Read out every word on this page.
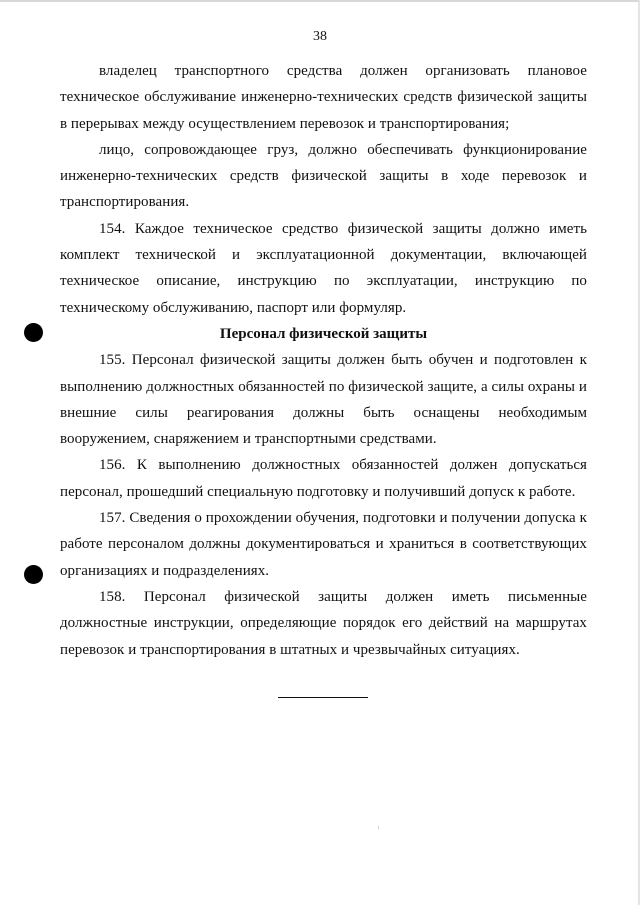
38

владелец транспортного средства должен организовать плановое техническое обслуживание инженерно-технических средств физической защиты в перерывах между осуществлением перевозок и транспортирования;

лицо, сопровождающее груз, должно обеспечивать функционирование инженерно-технических средств физической защиты в ходе перевозок и транспортирования.

154. Каждое техническое средство физической защиты должно иметь комплект технической и эксплуатационной документации, включающей техническое описание, инструкцию по эксплуатации, инструкцию по техническому обслуживанию, паспорт или формуляр.

Персонал физической защиты

155. Персонал физической защиты должен быть обучен и подготовлен к выполнению должностных обязанностей по физической защите, а силы охраны и внешние силы реагирования должны быть оснащены необходимым вооружением, снаряжением и транспортными средствами.

156. К выполнению должностных обязанностей должен допускаться персонал, прошедший специальную подготовку и получивший допуск к работе.

157. Сведения о прохождении обучения, подготовки и получении допуска к работе персоналом должны документироваться и храниться в соответствующих организациях и подразделениях.

158. Персонал физической защиты должен иметь письменные должностные инструкции, определяющие порядок его действий на маршрутах перевозок и транспортирования в штатных и чрезвычайных ситуациях.
